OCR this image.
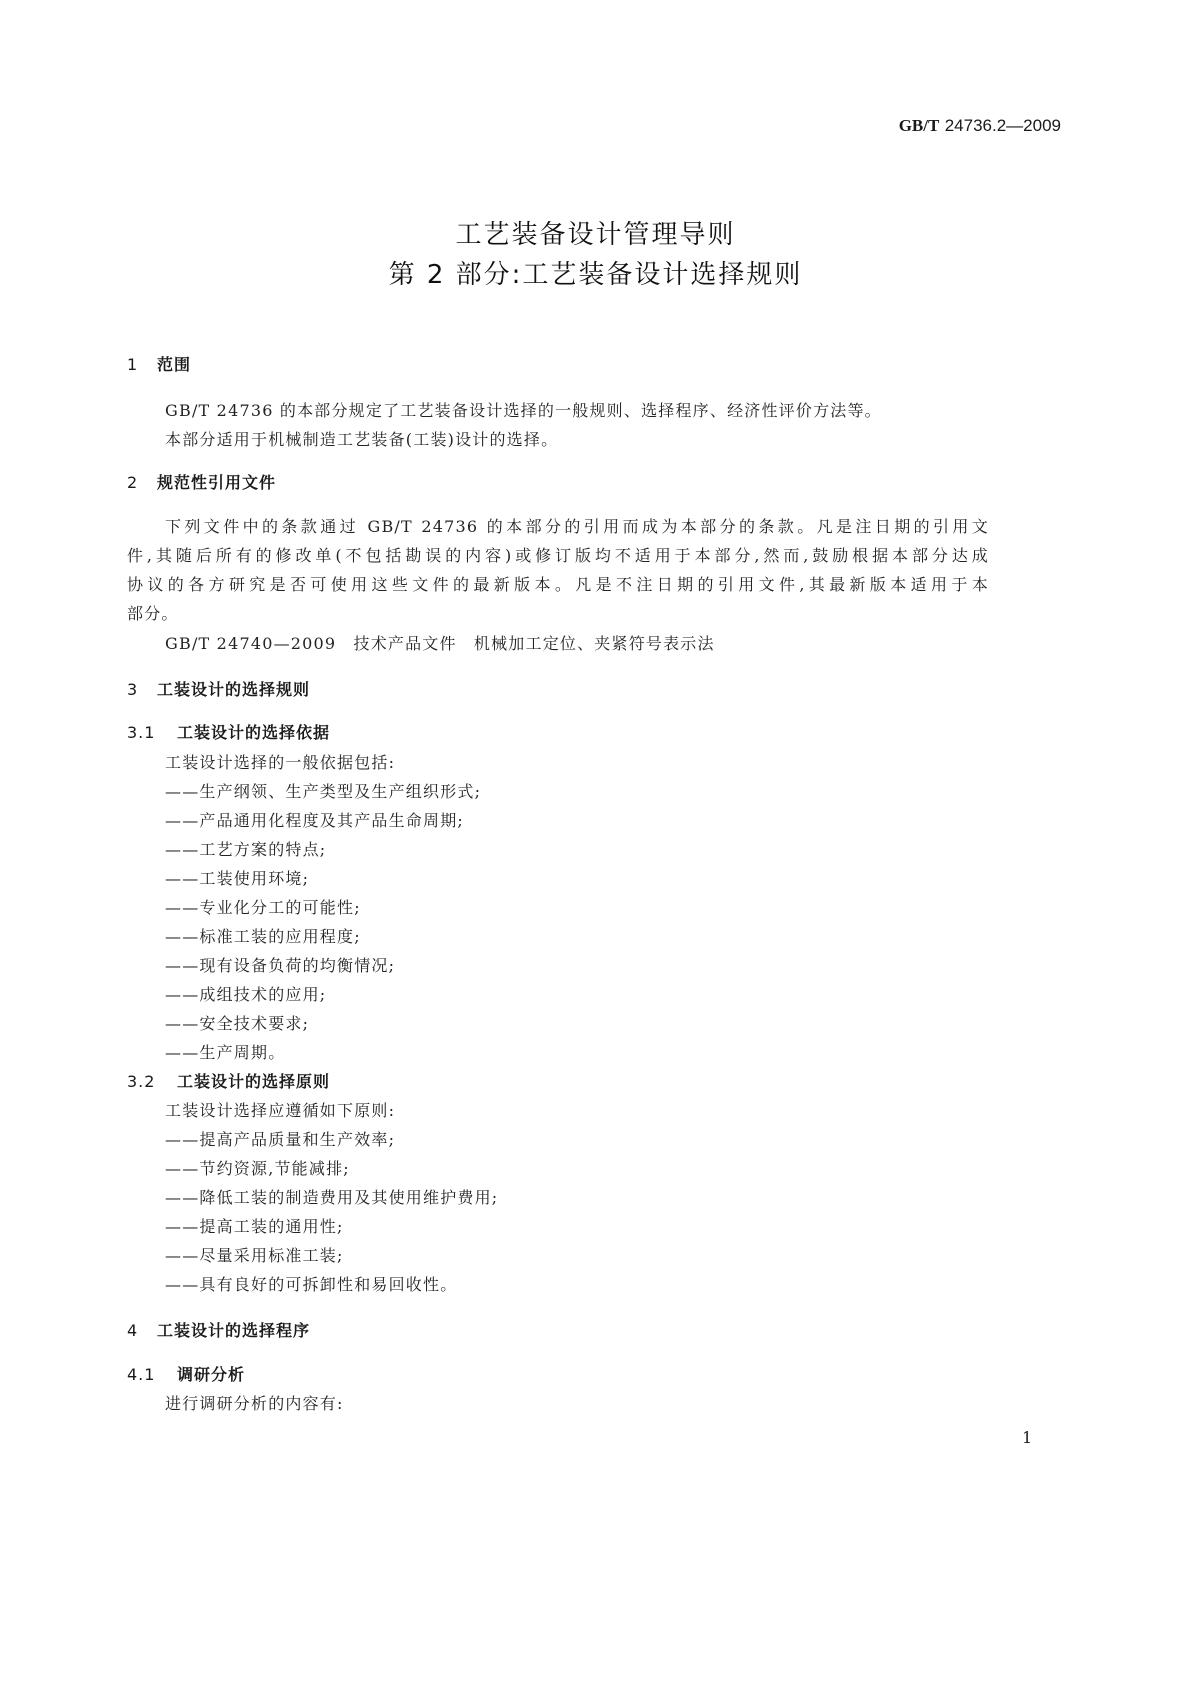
GB/T 24736.2—2009
工艺装备设计管理导则
第 2 部分:工艺装备设计选择规则
1 范围
GB/T 24736 的本部分规定了工艺装备设计选择的一般规则、选择程序、经济性评价方法等。
本部分适用于机械制造工艺装备(工装)设计的选择。
2 规范性引用文件
下列文件中的条款通过 GB/T 24736 的本部分的引用而成为本部分的条款。凡是注日期的引用文
件,其随后所有的修改单(不包括勘误的内容)或修订版均不适用于本部分,然而,鼓励根据本部分达成
协议的各方研究是否可使用这些文件的最新版本。凡是不注日期的引用文件,其最新版本适用于本
部分。
GB/T 24740—2009　技术产品文件　机械加工定位、夹紧符号表示法
3 工装设计的选择规则
3.1 工装设计的选择依据
工装设计选择的一般依据包括:
——生产纲领、生产类型及生产组织形式;
——产品通用化程度及其产品生命周期;
——工艺方案的特点;
——工装使用环境;
——专业化分工的可能性;
——标准工装的应用程度;
——现有设备负荷的均衡情况;
——成组技术的应用;
——安全技术要求;
——生产周期。
3.2 工装设计的选择原则
工装设计选择应遵循如下原则:
——提高产品质量和生产效率;
——节约资源,节能减排;
——降低工装的制造费用及其使用维护费用;
——提高工装的通用性;
——尽量采用标准工装;
——具有良好的可拆卸性和易回收性。
4 工装设计的选择程序
4.1 调研分析
进行调研分析的内容有:
1
